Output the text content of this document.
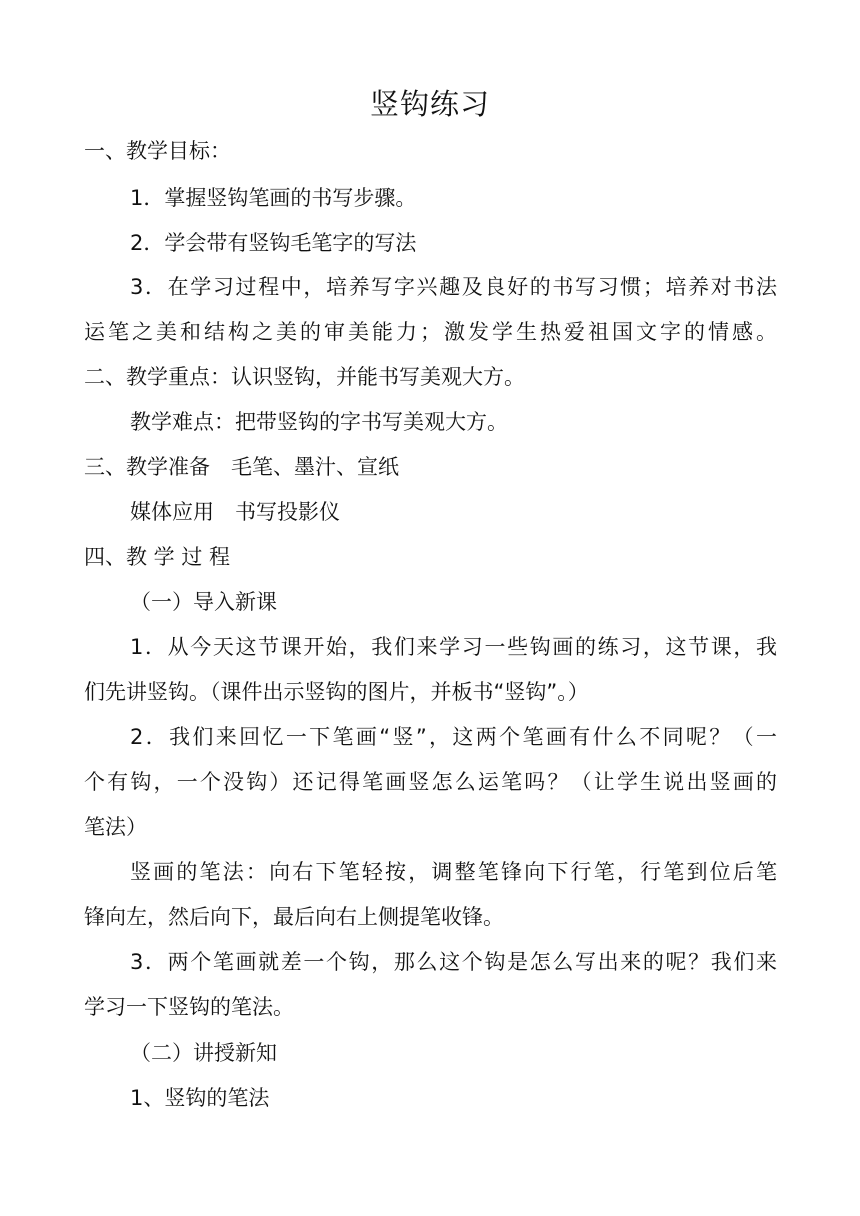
竖钩练习
一、教学目标：
1．掌握竖钩笔画的书写步骤。
2．学会带有竖钩毛笔字的写法
3．在学习过程中，培养写字兴趣及良好的书写习惯；培养对书法
运笔之美和结构之美的审美能力；激发学生热爱祖国文字的情感。
二、教学重点：认识竖钩，并能书写美观大方。
教学难点：把带竖钩的字书写美观大方。
三、教学准备　毛笔、墨汁、宣纸
媒体应用　书写投影仪
四、教 学 过 程
（一）导入新课
1．从今天这节课开始，我们来学习一些钩画的练习，这节课，我
们先讲竖钩。（课件出示竖钩的图片，并板书“竖钩”。）
2．我们来回忆一下笔画“竖”，这两个笔画有什么不同呢？（一
个有钩，一个没钩）还记得笔画竖怎么运笔吗？（让学生说出竖画的
笔法）
竖画的笔法：向右下笔轻按，调整笔锋向下行笔，行笔到位后笔
锋向左，然后向下，最后向右上侧提笔收锋。
3．两个笔画就差一个钩，那么这个钩是怎么写出来的呢？我们来
学习一下竖钩的笔法。
（二）讲授新知
1、竖钩的笔法
